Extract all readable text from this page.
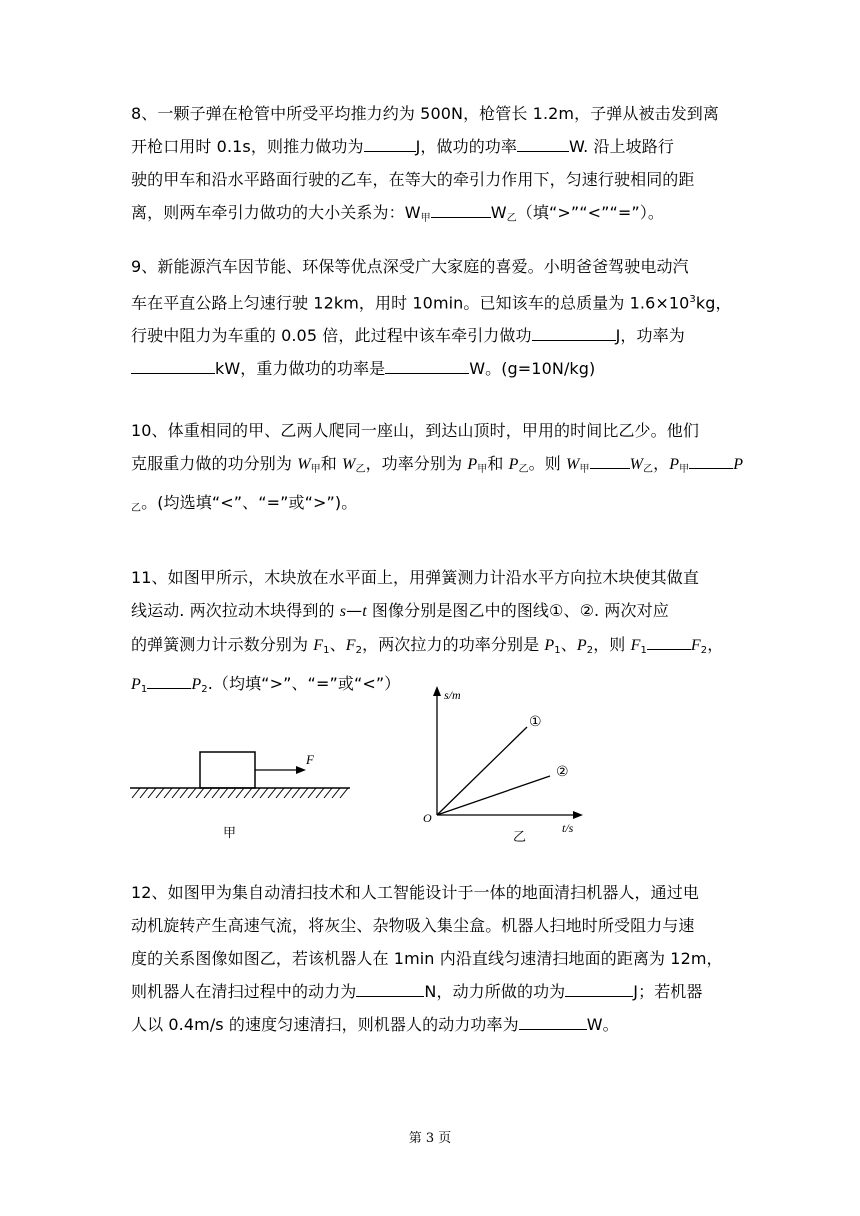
8、一颗子弹在枪管中所受平均推力约为 500N，枪管长 1.2m，子弹从被击发到离

开枪口用时 0.1s，则推力做功为	J，做功的功率	W. 沿上坡路行

驶的甲车和沿水平路面行驶的乙车，在等大的牵引力作用下，匀速行驶相同的距

离，则两车牵引力做功的大小关系为：$W_甲$	$W_乙$（填“>”“<”“=”）。

9、新能源汽车因节能、环保等优点深受广大家庭的喜爱。小明爸爸驾驶电动汽

车在平直公路上匀速行驶 12km，用时 10min。已知该车的总质量为 $1.6\times 10^3kg$，

行驶中阻力为车重的 0.05 倍，此过程中该车牵引力做功	J，功率为

kW，重力做功的功率是	W。(g=10N/kg)

10、体重相同的甲、乙两人爬同一座山，到达山顶时，甲用的时间比乙少。他们

克服重力做的功分别为 $W_甲$和 $W_乙$，功率分别为 $P_甲$和 $P_乙$。则 $W_甲$	$W_乙$，$P_甲$	P

$_乙$。(均选填“<”、“=”或“>”)。

11、如图甲所示，木块放在水平面上，用弹簧测力计沿水平方向拉木块使其做直

线运动. 两次拉动木块得到的 s—t 图像分别是图乙中的图线①、②. 两次对应

的弹簧测力计示数分别为 $F_1$、$F_2$，两次拉力的功率分别是 $P_1$、$P_2$，则 $F_1$	$F_2$，

$P_1$	$P_2$.（均填“>”、“=”或“<”）

F
甲
s/m
t/s
O
①
②
乙

12、如图甲为集自动清扫技术和人工智能设计于一体的地面清扫机器人，通过电

动机旋转产生高速气流，将灰尘、杂物吸入集尘盒。机器人扫地时所受阻力与速

度的关系图像如图乙，若该机器人在 1min 内沿直线匀速清扫地面的距离为 12m，

则机器人在清扫过程中的动力为	N，动力所做的功为	J；若机器

人以 0.4m/s 的速度匀速清扫，则机器人的动力功率为	W。

第 3 页
